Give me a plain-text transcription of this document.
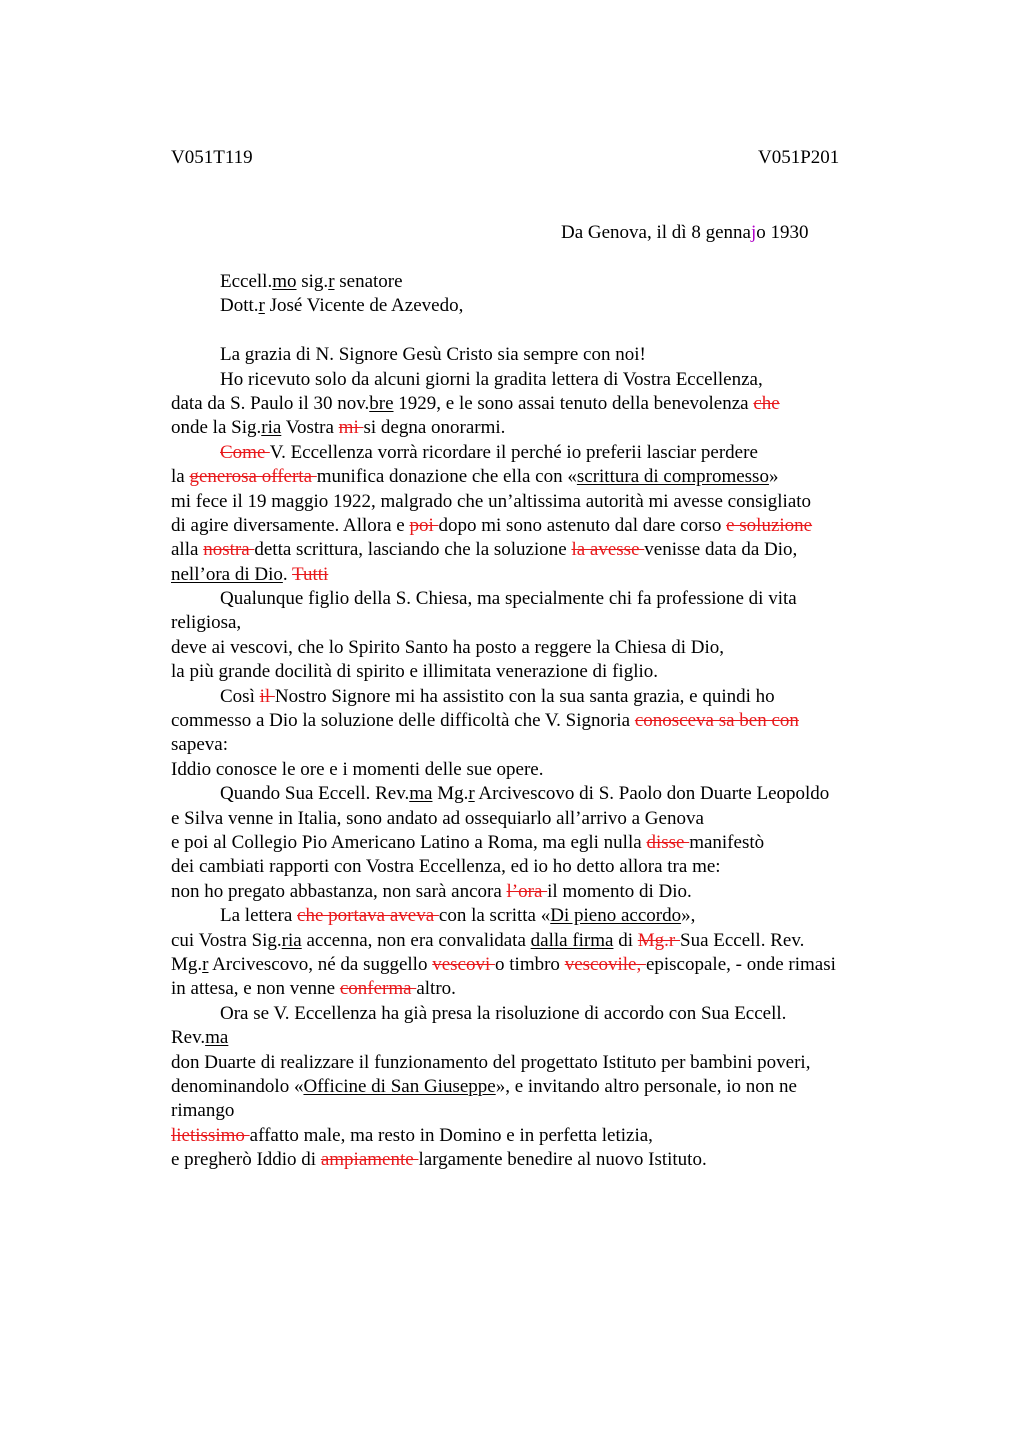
V051T119	V051P201
Da Genova, il dì 8 gennajo 1930
Eccell.mo sig.r senatore
Dott.r José Vicente de Azevedo,
La grazia di N. Signore Gesù Cristo sia sempre con noi!
Ho ricevuto solo da alcuni giorni la gradita lettera di Vostra Eccellenza,
data da S. Paulo il 30 nov.bre 1929, e le sono assai tenuto della benevolenza che
onde la Sig.ria Vostra mi si degna onorarmi.
Come V. Eccellenza vorrà ricordare il perché io preferii lasciar perdere
la generosa offerta munifica donazione che ella con «scrittura di compromesso»
mi fece il 19 maggio 1922, malgrado che un’altissima autorità mi avesse consigliato
di agire diversamente. Allora e poi dopo mi sono astenuto dal dare corso e soluzione
alla nostra detta scrittura, lasciando che la soluzione la avesse venisse data da Dio,
nell’ora di Dio. Tutti
Qualunque figlio della S. Chiesa, ma specialmente chi fa professione di vita
religiosa,
deve ai vescovi, che lo Spirito Santo ha posto a reggere la Chiesa di Dio,
la più grande docilità di spirito e illimitata venerazione di figlio.
Così il Nostro Signore mi ha assistito con la sua santa grazia, e quindi ho
commesso a Dio la soluzione delle difficoltà che V. Signoria conosceva sa ben con
sapeva:
Iddio conosce le ore e i momenti delle sue opere.
Quando Sua Eccell. Rev.ma Mg.r Arcivescovo di S. Paolo don Duarte Leopoldo
e Silva venne in Italia, sono andato ad ossequiarlo all’arrivo a Genova
e poi al Collegio Pio Americano Latino a Roma, ma egli nulla disse manifestò
dei cambiati rapporti con Vostra Eccellenza, ed io ho detto allora tra me:
non ho pregato abbastanza, non sarà ancora l’ora il momento di Dio.
La lettera che portava aveva con la scritta «Di pieno accordo»,
cui Vostra Sig.ria accenna, non era convalidata dalla firma di Mg.r Sua Eccell. Rev.
Mg.r Arcivescovo, né da suggello vescovi o timbro vescovile, episcopale, - onde rimasi
in attesa, e non venne conferma altro.
Ora se V. Eccellenza ha già presa la risoluzione di accordo con Sua Eccell.
Rev.ma
don Duarte di realizzare il funzionamento del progettato Istituto per bambini poveri,
denominandolo «Officine di San Giuseppe», e invitando altro personale, io non ne
rimango
lietissimo affatto male, ma resto in Domino e in perfetta letizia,
e pregherò Iddio di ampiamente largamente benedire al nuovo Istituto.
